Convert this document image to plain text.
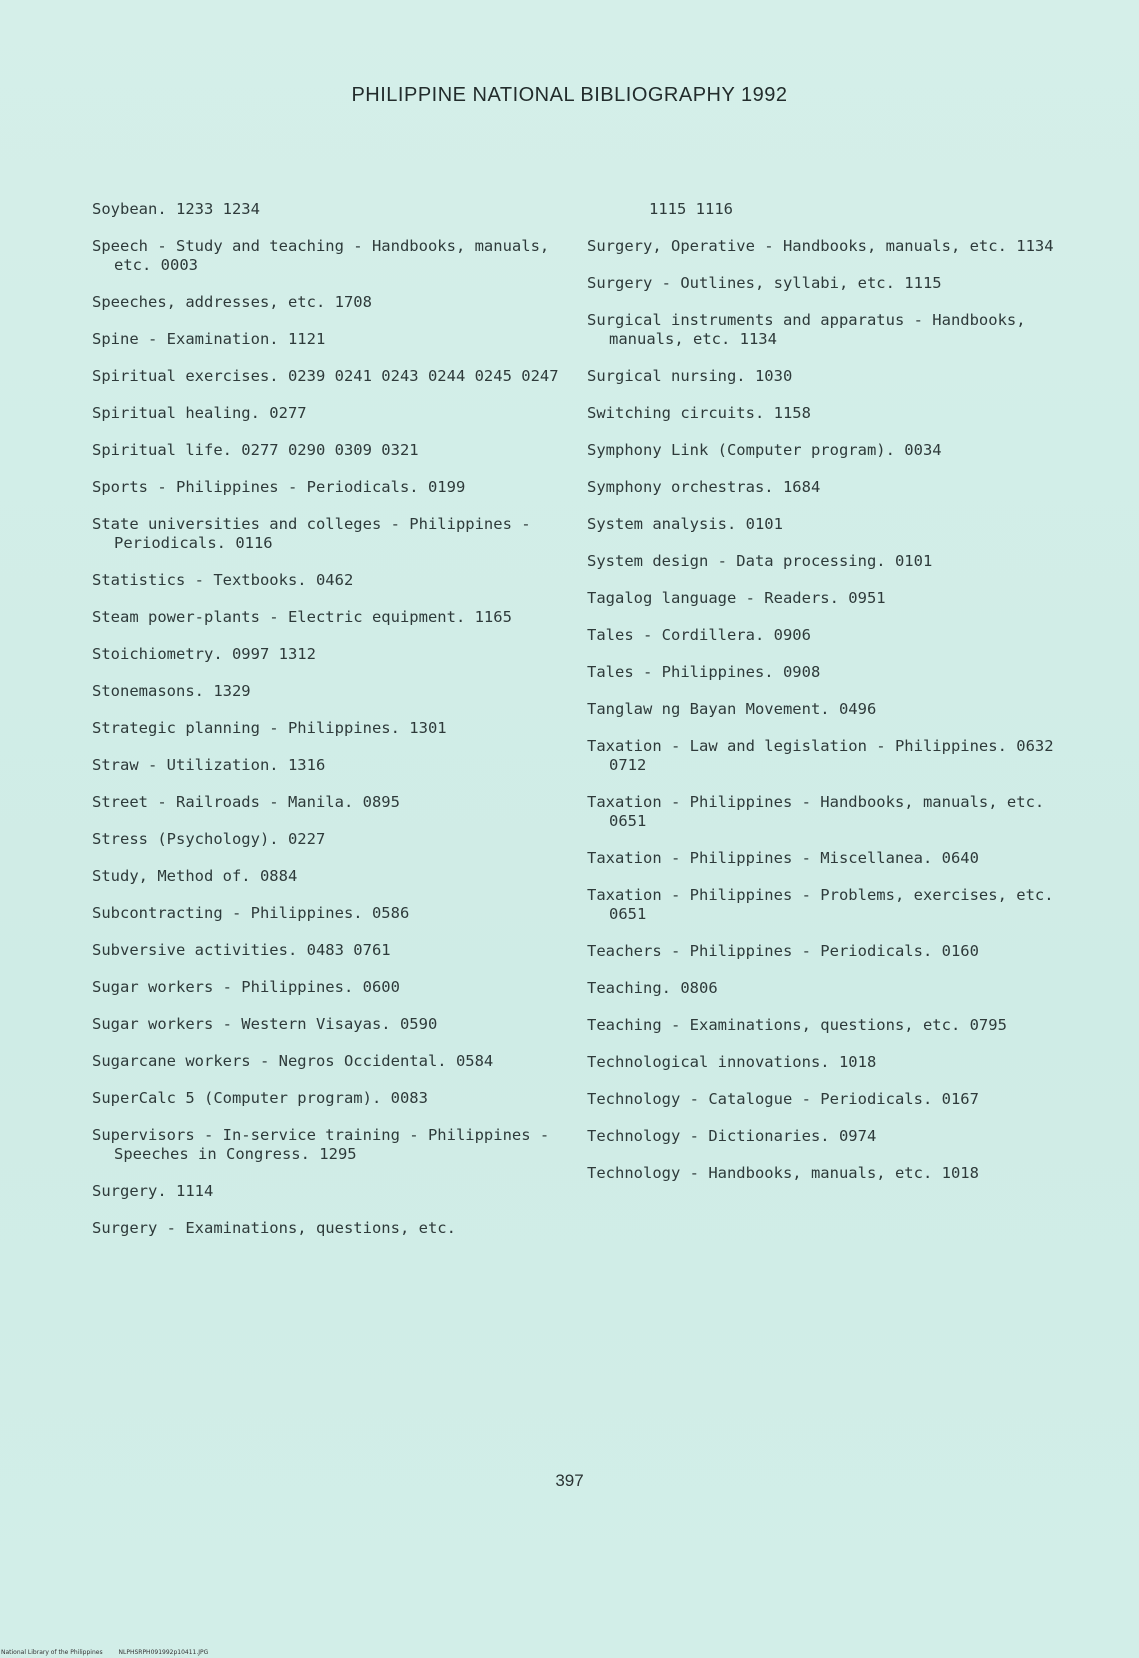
PHILIPPINE NATIONAL BIBLIOGRAPHY 1992
Soybean. 1233 1234
Speech - Study and teaching - Handbooks, manuals, etc. 0003
Speeches, addresses, etc. 1708
Spine - Examination. 1121
Spiritual exercises. 0239 0241 0243 0244 0245 0247
Spiritual healing. 0277
Spiritual life. 0277 0290 0309 0321
Sports - Philippines - Periodicals. 0199
State universities and colleges - Philippines - Periodicals. 0116
Statistics - Textbooks. 0462
Steam power-plants - Electric equipment. 1165
Stoichiometry. 0997 1312
Stonemasons. 1329
Strategic planning - Philippines. 1301
Straw - Utilization. 1316
Street - Railroads - Manila. 0895
Stress (Psychology). 0227
Study, Method of. 0884
Subcontracting - Philippines. 0586
Subversive activities. 0483 0761
Sugar workers - Philippines. 0600
Sugar workers - Western Visayas. 0590
Sugarcane workers - Negros Occidental. 0584
SuperCalc 5 (Computer program). 0083
Supervisors - In-service training - Philippines - Speeches in Congress. 1295
Surgery. 1114
Surgery - Examinations, questions, etc.
1115 1116
Surgery, Operative - Handbooks, manuals, etc. 1134
Surgery - Outlines, syllabi, etc. 1115
Surgical instruments and apparatus - Handbooks, manuals, etc. 1134
Surgical nursing. 1030
Switching circuits. 1158
Symphony Link (Computer program). 0034
Symphony orchestras. 1684
System analysis. 0101
System design - Data processing. 0101
Tagalog language - Readers. 0951
Tales - Cordillera. 0906
Tales - Philippines. 0908
Tanglaw ng Bayan Movement. 0496
Taxation - Law and legislation - Philippines. 0632 0712
Taxation - Philippines - Handbooks, manuals, etc. 0651
Taxation - Philippines - Miscellanea. 0640
Taxation - Philippines - Problems, exercises, etc. 0651
Teachers - Philippines - Periodicals. 0160
Teaching. 0806
Teaching - Examinations, questions, etc. 0795
Technological innovations. 1018
Technology - Catalogue - Periodicals. 0167
Technology - Dictionaries. 0974
Technology - Handbooks, manuals, etc. 1018
397
National Library of the Philippines	NLPHSRPH091992p10411.JPG
